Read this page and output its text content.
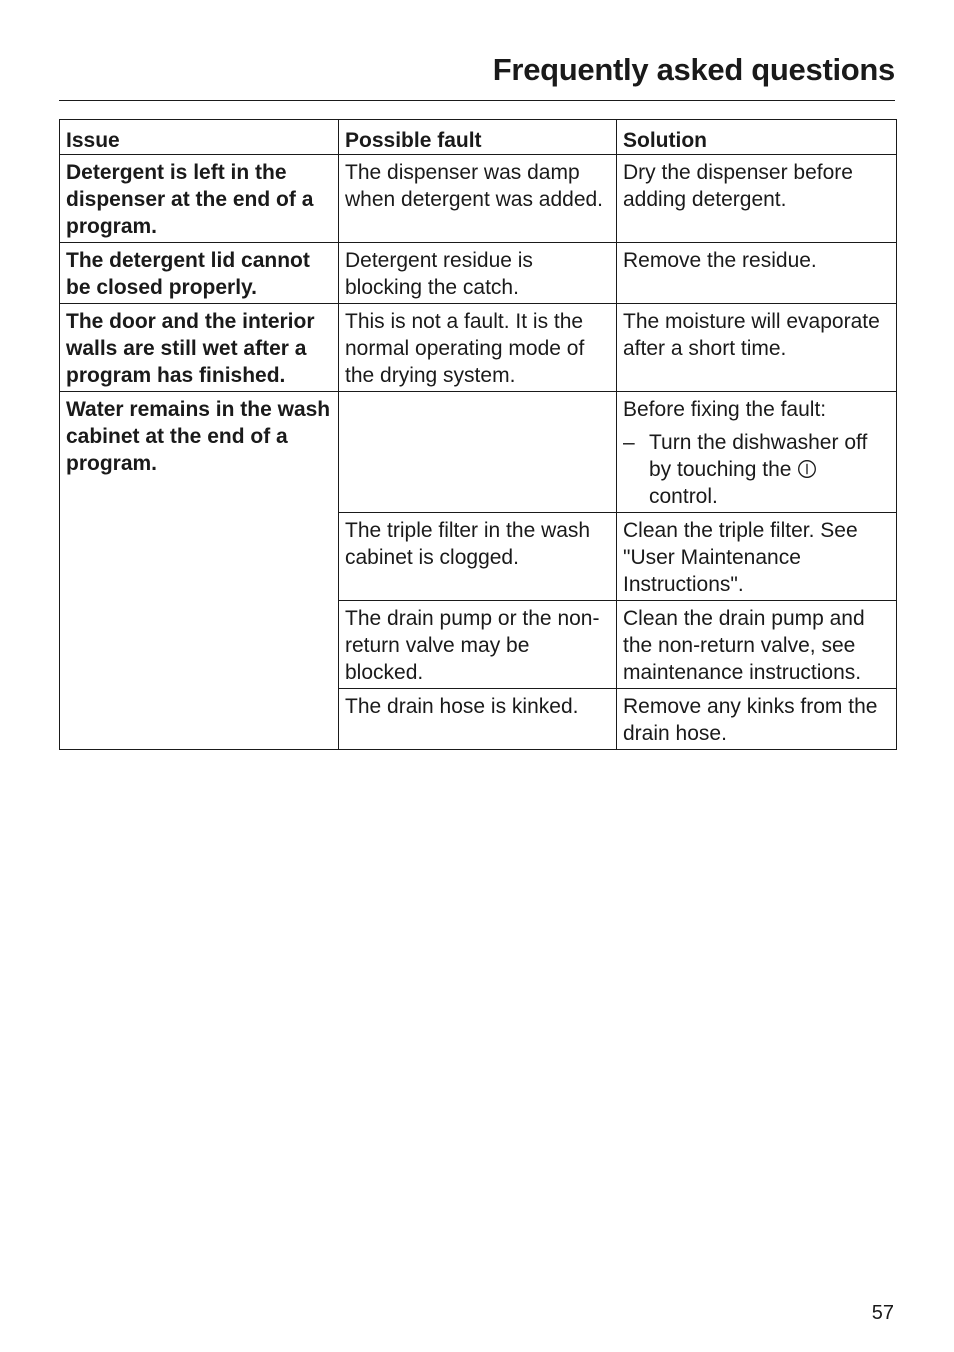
Frequently asked questions
Issue	Possible fault	Solution
Detergent is left in the dispenser at the end of a program.	The dispenser was damp when detergent was added.	Dry the dispenser before adding detergent.
The detergent lid cannot be closed properly.	Detergent residue is blocking the catch.	Remove the residue.
The door and the interior walls are still wet after a program has finished.	This is not a fault. It is the normal operating mode of the drying system.	The moisture will evaporate after a short time.
Water remains in the wash cabinet at the end of a program.		Before fixing the fault:
– Turn the dishwasher off by touching the
control.

	The triple filter in the wash cabinet is clogged.	Clean the triple filter. See "User Maintenance Instructions".
	The drain pump or the non-return valve may be blocked.	Clean the drain pump and the non-return valve, see maintenance instructions.
	The drain hose is kinked.	Remove any kinks from the drain hose.
57
